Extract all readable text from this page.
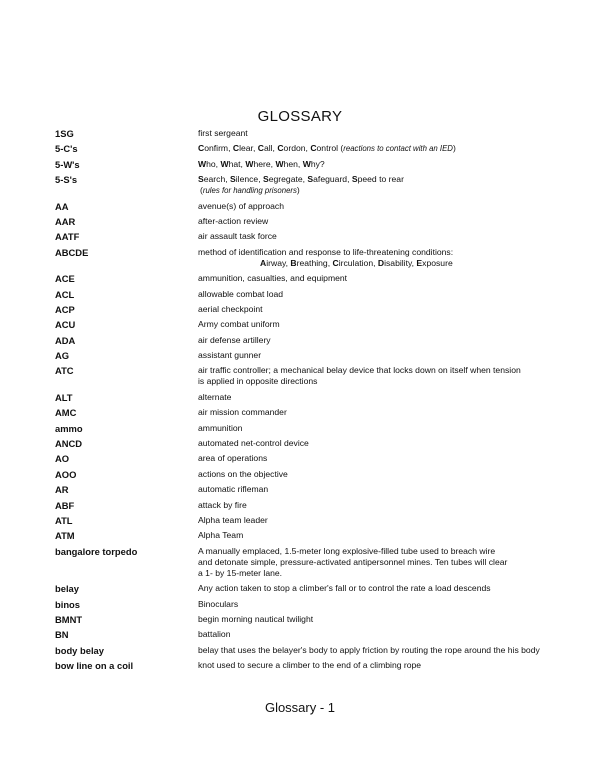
GLOSSARY
1SG	first sergeant
5-C's	Confirm, Clear, Call, Cordon, Control (reactions to contact with an IED)
5-W's	Who, What, Where, When, Why?
5-S's	Search, Silence, Segregate, Safeguard, Speed to rear
(rules for handling prisoners)
AA	avenue(s) of approach
AAR	after-action review
AATF	air assault task force
ABCDE	method of identification and response to life-threatening conditions:
Airway, Breathing, Circulation, Disability, Exposure
ACE	ammunition, casualties, and equipment
ACL	allowable combat load
ACP	aerial checkpoint
ACU	Army combat uniform
ADA	air defense artillery
AG	assistant gunner
ATC	air traffic controller; a mechanical belay device that locks down on itself when tension
is applied in opposite directions
ALT	alternate
AMC	air mission commander
ammo	ammunition
ANCD	automated net-control device
AO	area of operations
AOO	actions on the objective
AR	automatic rifleman
ABF	attack by fire
ATL	Alpha team leader
ATM	Alpha Team
bangalore torpedo	A manually emplaced, 1.5-meter long explosive-filled tube used to breach wire
and detonate simple, pressure-activated antipersonnel mines. Ten tubes will clear
a 1- by 15-meter lane.
belay	Any action taken to stop a climber's fall or to control the rate a load descends
binos	Binoculars
BMNT	begin morning nautical twilight
BN	battalion
body belay	belay that uses the belayer's body to apply friction by routing the rope around the his body
bow line on a coil	knot used to secure a climber to the end of a climbing rope
Glossary - 1
